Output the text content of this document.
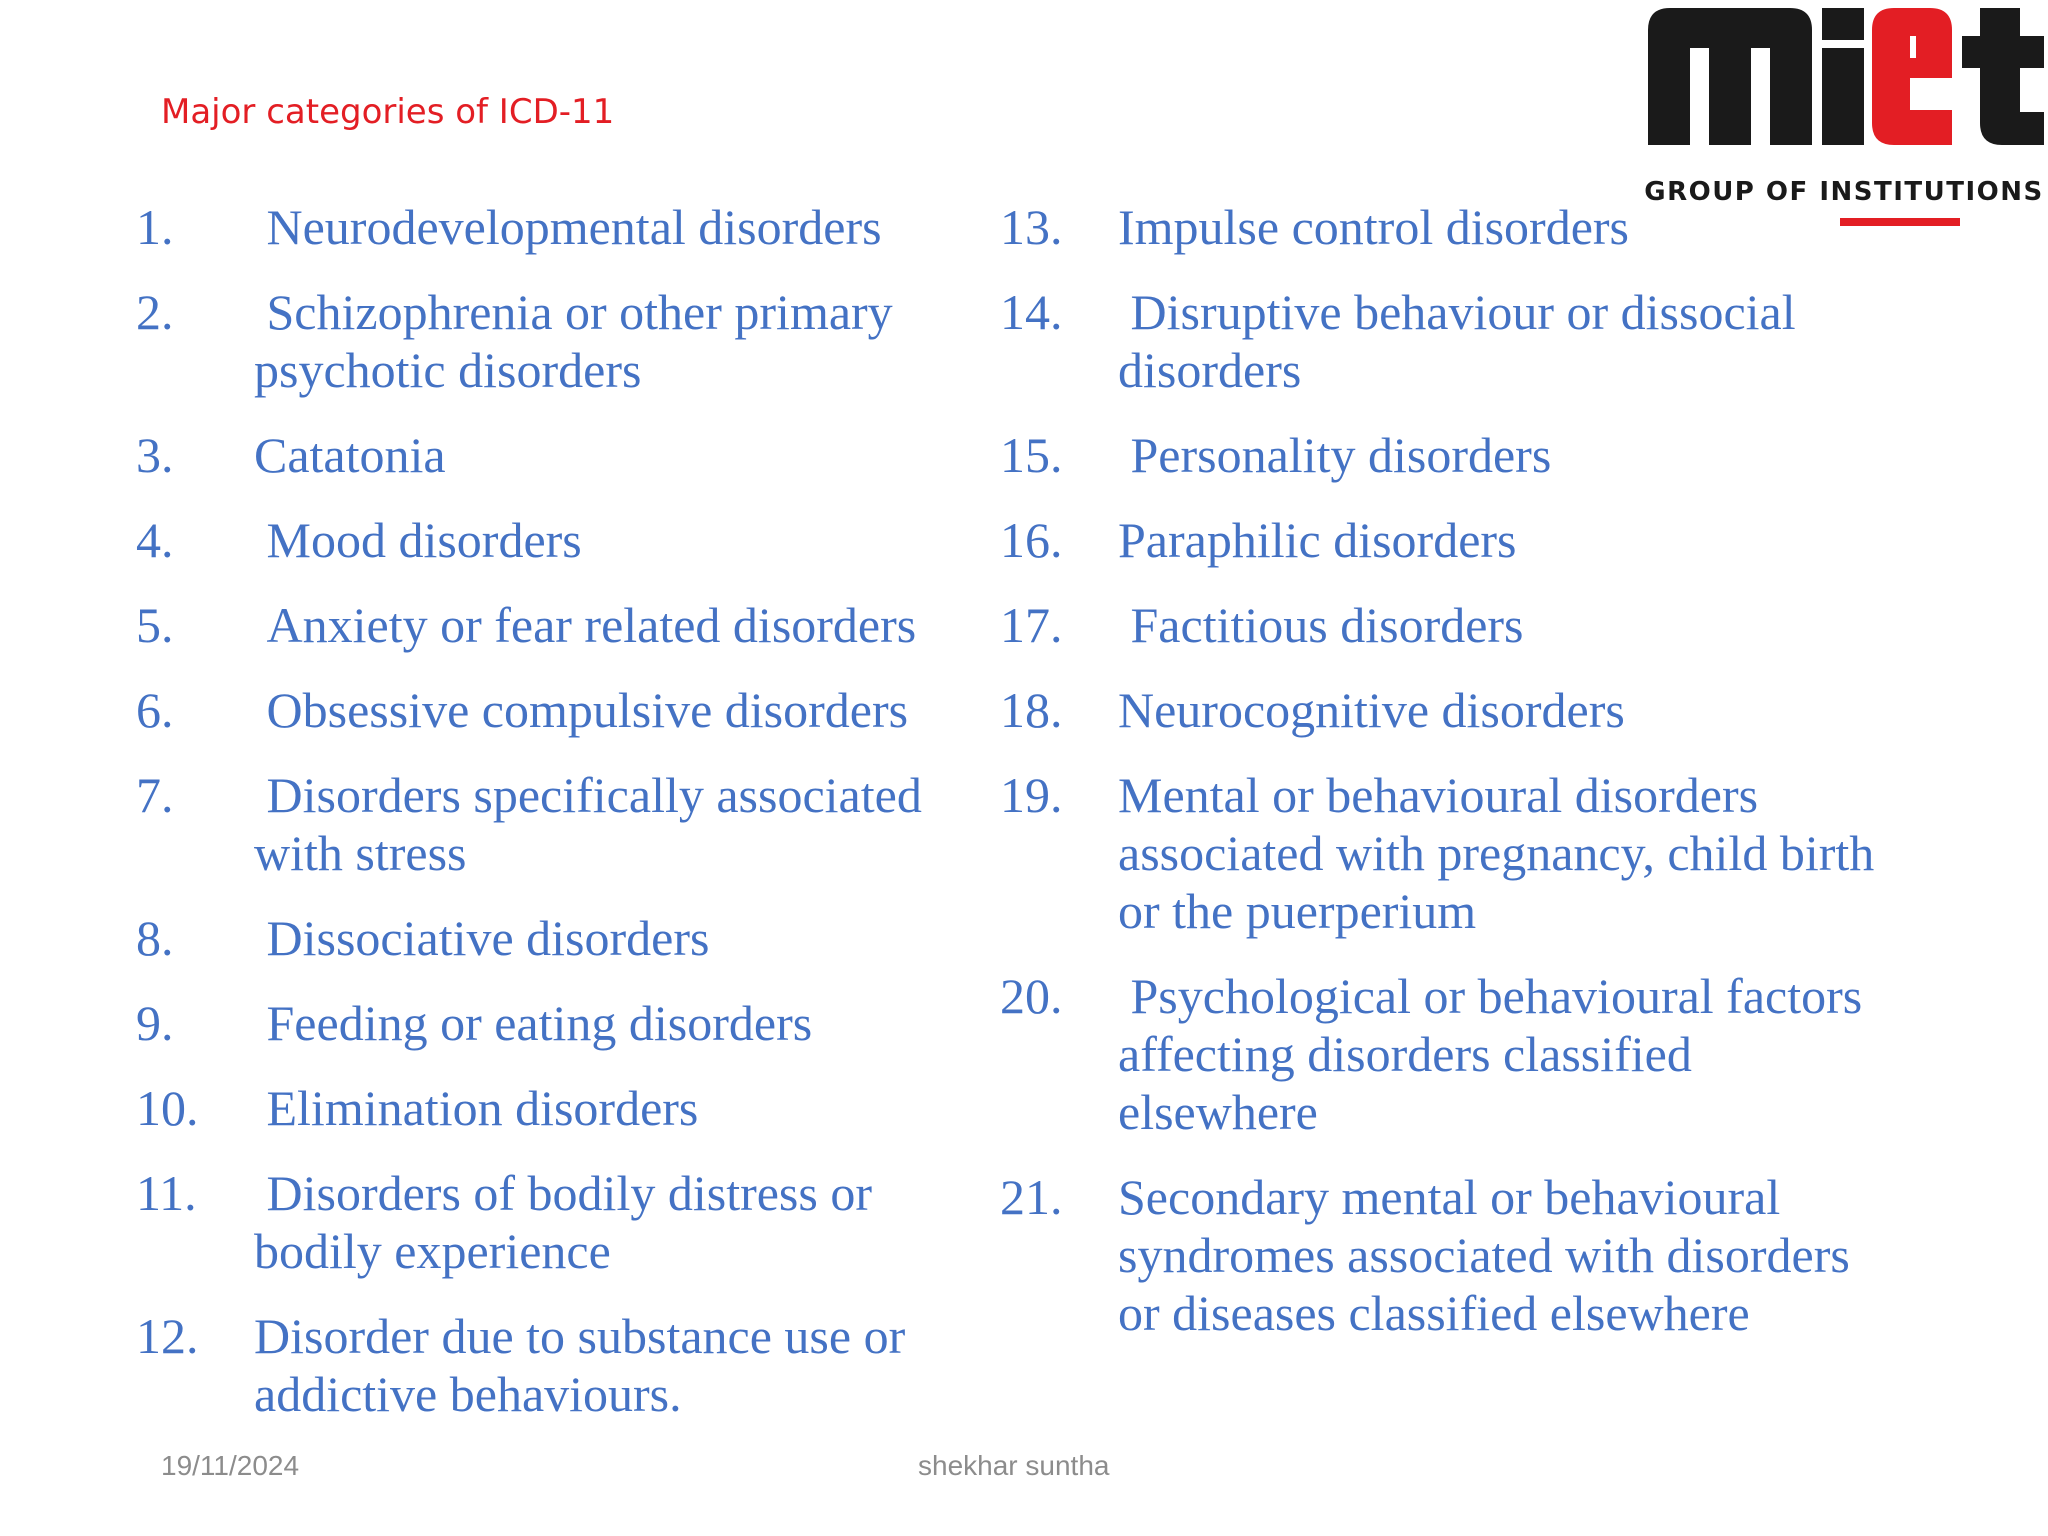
Major categories of ICD-11
GROUP OF INSTITUTIONS
1.	Neurodevelopmental disorders
2.	Schizophrenia or other primary psychotic disorders
3.	Catatonia
4.	Mood disorders
5.	Anxiety or fear related disorders
6.	Obsessive compulsive disorders
7.	Disorders specifically associated with stress
8.	Dissociative disorders
9.	Feeding or eating disorders
10.	Elimination disorders
11.	Disorders of bodily distress or bodily experience
12.	Disorder due to substance use or addictive behaviours.
13.	Impulse control disorders
14.	Disruptive behaviour or dissocial disorders
15.	Personality disorders
16.	Paraphilic disorders
17.	Factitious disorders
18.	Neurocognitive disorders
19.	Mental or behavioural disorders associated with pregnancy, child birth or the puerperium
20.	Psychological or behavioural factors affecting disorders classified elsewhere
21.	Secondary mental or behavioural syndromes associated with disorders or diseases classified elsewhere
19/11/2024	shekhar suntha
